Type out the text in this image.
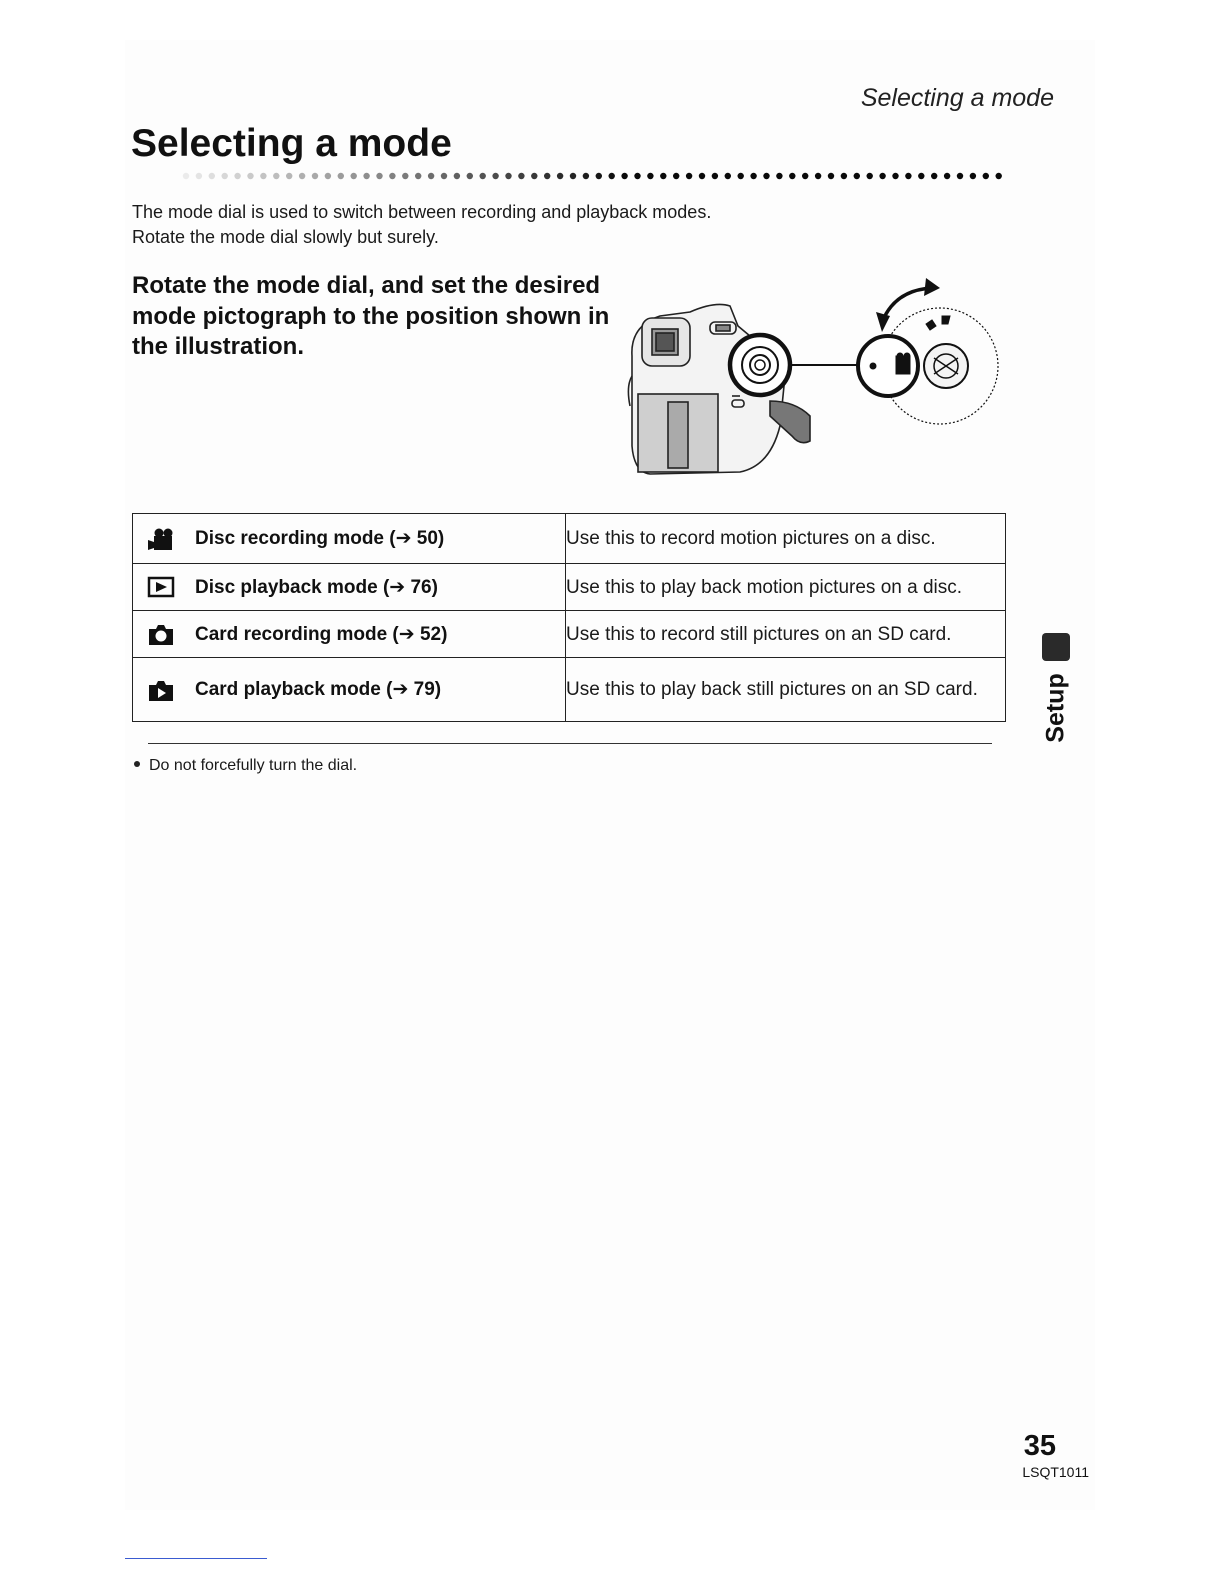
Selecting a mode
Selecting a mode

The mode dial is used to switch between recording and playback modes.

Rotate the mode dial slowly but surely.

Rotate the mode dial, and set the desired mode pictograph to the position shown in the illustration.

Disc recording mode (➔ 50)	Use this to record motion pictures on a disc.

Disc playback mode (➔ 76)	Use this to play back motion pictures on a disc.

Card recording mode (➔ 52)	Use this to record still pictures on an SD card.

Card playback mode (➔ 79)	Use this to play back still pictures on an SD card.

Do not forcefully turn the dial.

Setup
35
LSQT1011
